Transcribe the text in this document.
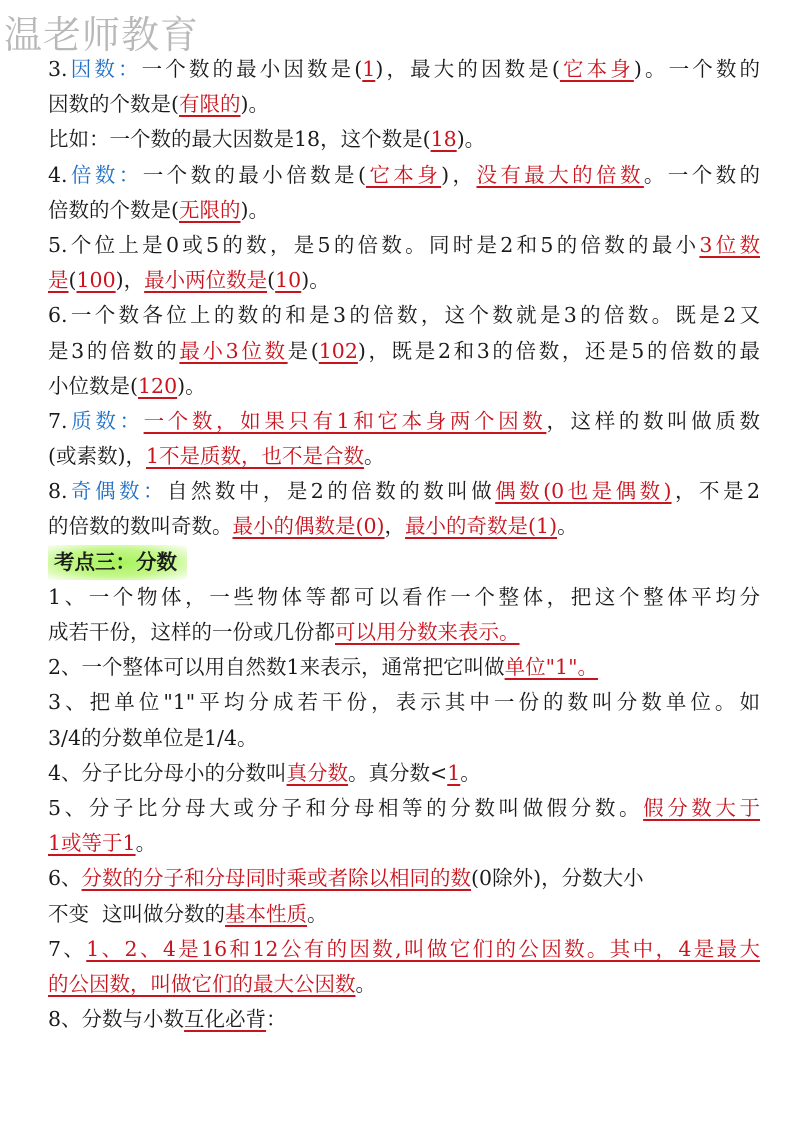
温老师教育
3.因数：一个数的最小因数是(1)，最大的因数是(它本身)。一个数的
因数的个数是(有限的)。
比如：一个数的最大因数是18，这个数是(18)。
4.倍数：一个数的最小倍数是(它本身)，没有最大的倍数。一个数的
倍数的个数是(无限的)。
5.个位上是0或5的数，是5的倍数。同时是2和5的倍数的最小3位数
是(100)，最小两位数是(10)。
6.一个数各位上的数的和是3的倍数，这个数就是3的倍数。既是2又
是3的倍数的最小3位数是(102)，既是2和3的倍数，还是5的倍数的最
小位数是(120)。
7.质数：一个数，如果只有1和它本身两个因数，这样的数叫做质数
(或素数)，1不是质数，也不是合数。
8.奇偶数：自然数中，是2的倍数的数叫做偶数(0也是偶数)，不是2
的倍数的数叫奇数。最小的偶数是(0)，最小的奇数是(1)。
考点三：分数
1、一个物体，一些物体等都可以看作一个整体，把这个整体平均分
成若干份，这样的一份或几份都可以用分数来表示。
2、一个整体可以用自然数1来表示，通常把它叫做单位"1"。
3、把单位"1"平均分成若干份，表示其中一份的数叫分数单位。如
3/4的分数单位是1/4。
4、分子比分母小的分数叫真分数。真分数<1。
5、分子比分母大或分子和分母相等的分数叫做假分数。假分数大于
1或等于1。
6、分数的分子和分母同时乘或者除以相同的数(0除外)，分数大小
不变  这叫做分数的基本性质。
7、1、2、4是16和12公有的因数,叫做它们的公因数。其中，4是最大
的公因数，叫做它们的最大公因数。
8、分数与小数互化必背：
